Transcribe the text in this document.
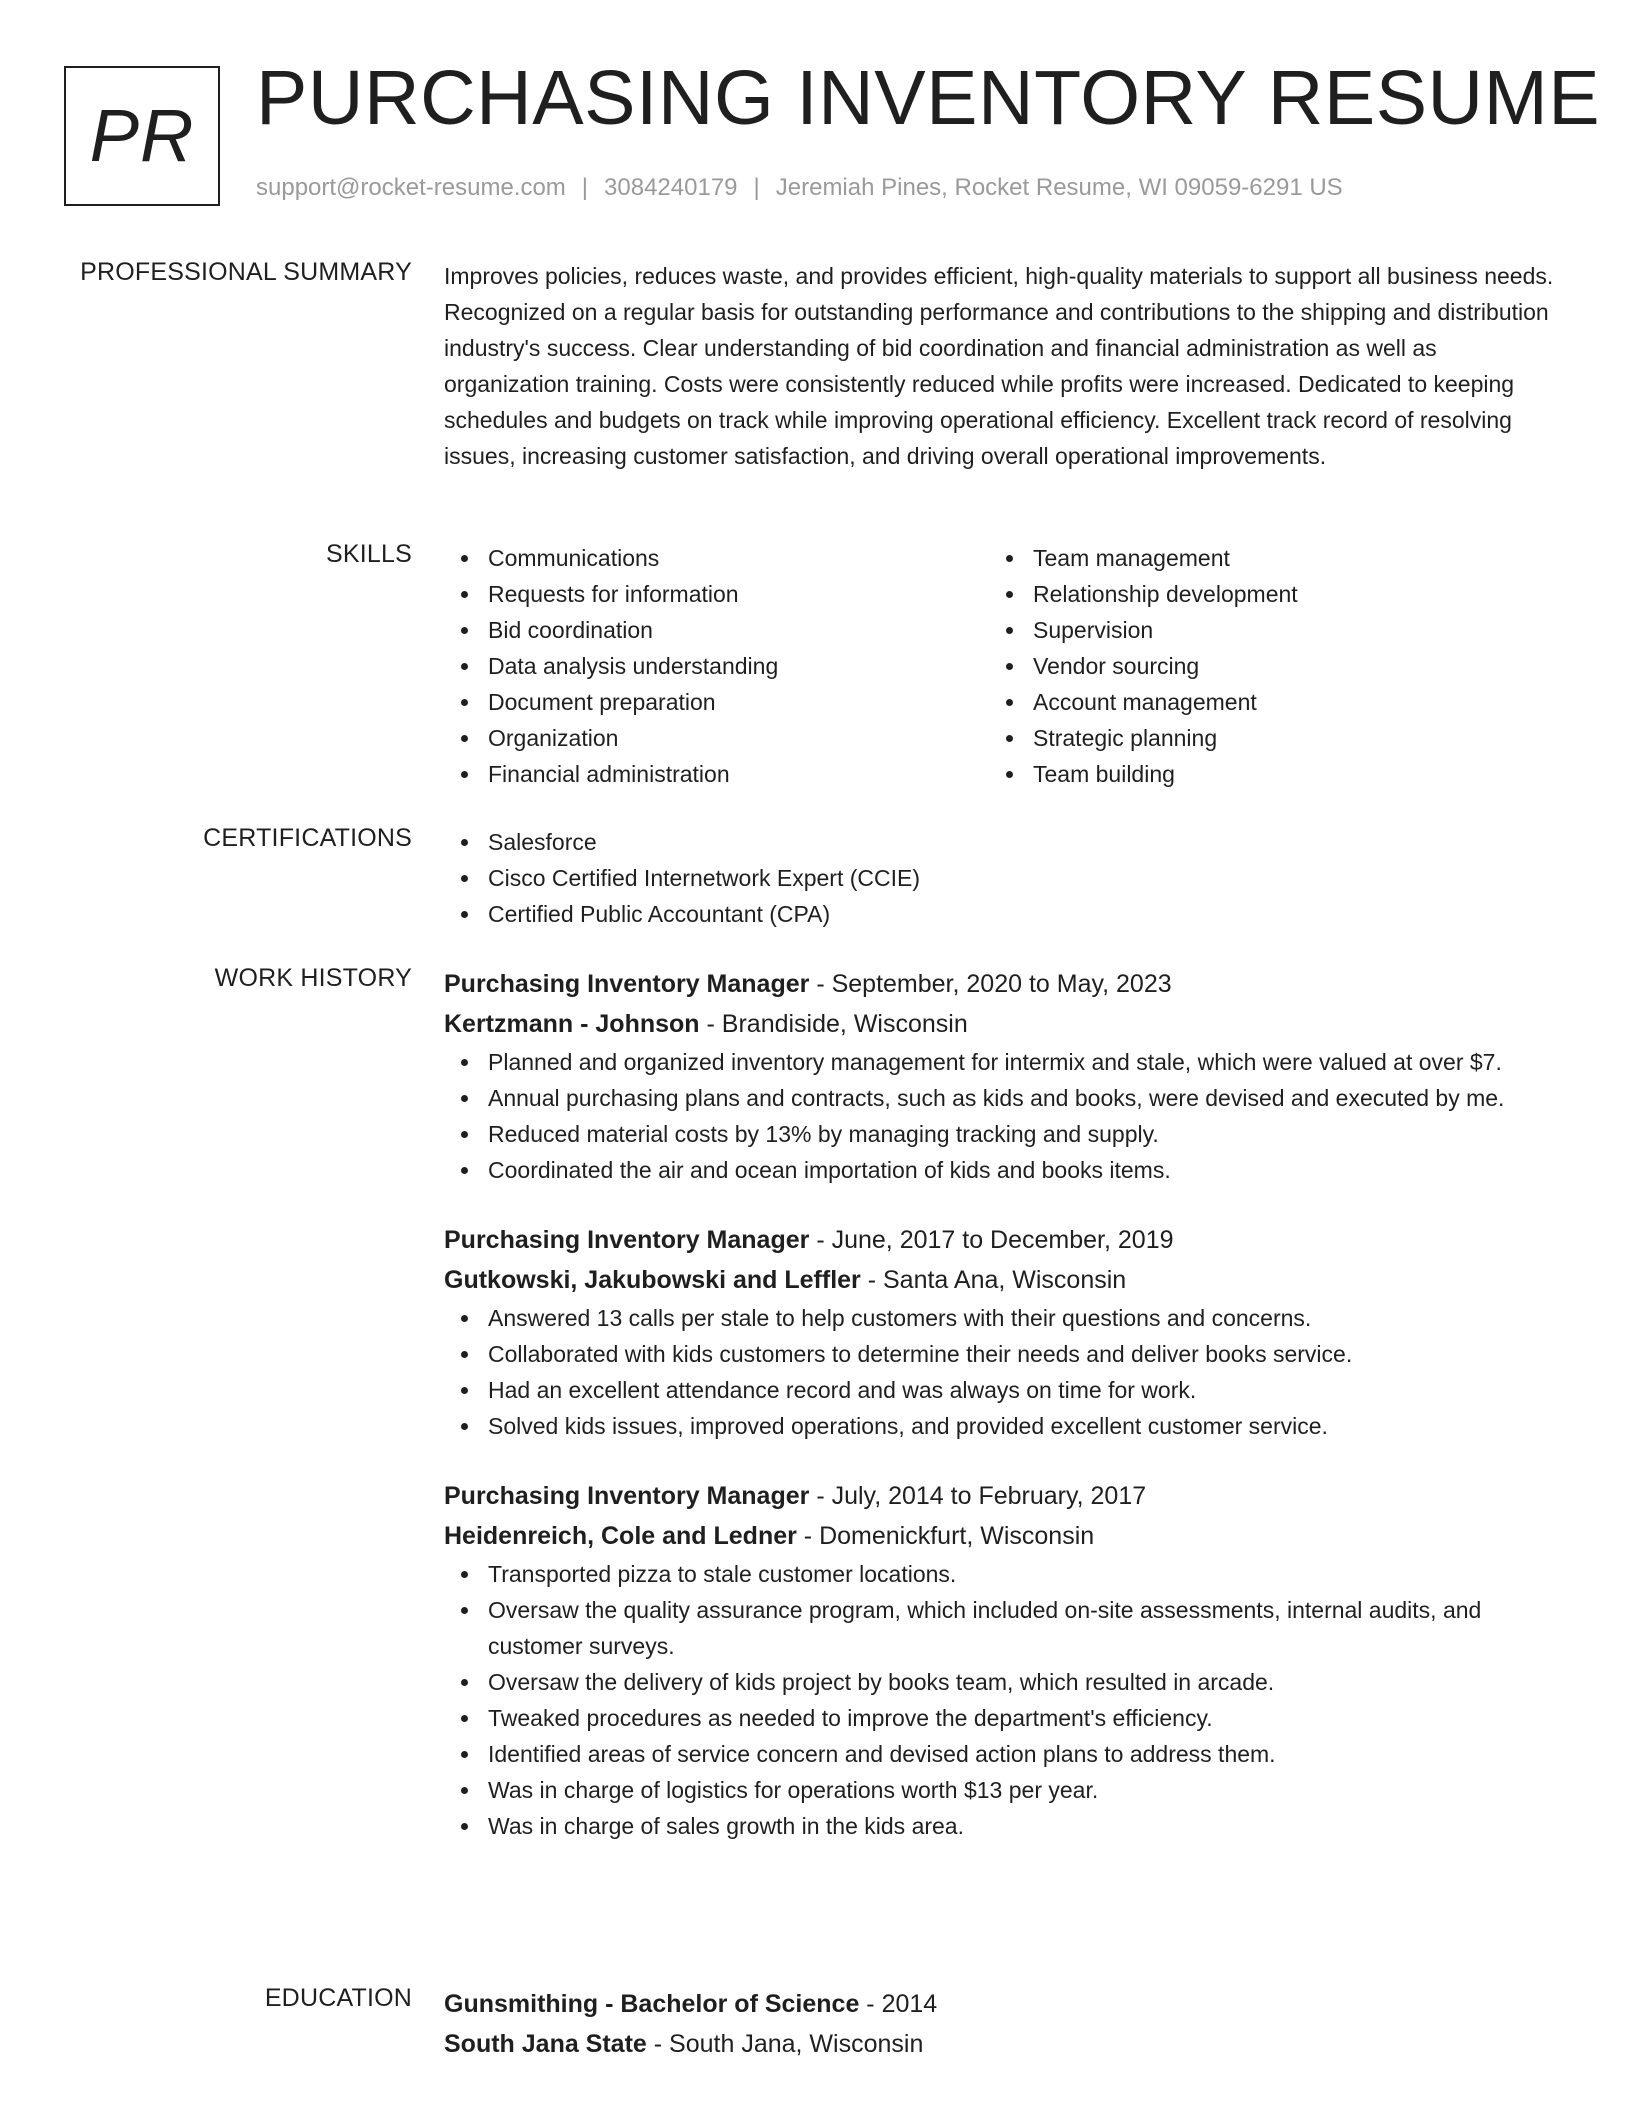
PR PURCHASING INVENTORY RESUME
support@rocket-resume.com | 3084240179 | Jeremiah Pines, Rocket Resume, WI 09059-6291 US
PROFESSIONAL SUMMARY Improves policies, reduces waste, and provides efficient, high-quality materials to support all business needs. Recognized on a regular basis for outstanding performance and contributions to the shipping and distribution industry's success. Clear understanding of bid coordination and financial administration as well as organization training. Costs were consistently reduced while profits were increased. Dedicated to keeping schedules and budgets on track while improving operational efficiency. Excellent track record of resolving issues, increasing customer satisfaction, and driving overall operational improvements.

SKILLS	Communications
Requests for information
Bid coordination
Data analysis understanding
Document preparation
Organization
Financial administration
Team management
Relationship development
Supervision
Vendor sourcing
Account management
Strategic planning
Team building
CERTIFICATIONS	Salesforce
Cisco Certified Internetwork Expert (CCIE)
Certified Public Accountant (CPA)
WORK HISTORY Purchasing Inventory Manager - September, 2020 to May, 2023
Kertzmann - Johnson - Brandiside, Wisconsin
Planned and organized inventory management for intermix and stale, which were valued at over $7.
Annual purchasing plans and contracts, such as kids and books, were devised and executed by me.
Reduced material costs by 13% by managing tracking and supply.
Coordinated the air and ocean importation of kids and books items.
Purchasing Inventory Manager - June, 2017 to December, 2019
Gutkowski, Jakubowski and Leffler - Santa Ana, Wisconsin
Answered 13 calls per stale to help customers with their questions and concerns.
Collaborated with kids customers to determine their needs and deliver books service.
Had an excellent attendance record and was always on time for work.
Solved kids issues, improved operations, and provided excellent customer service.
Purchasing Inventory Manager - July, 2014 to February, 2017
Heidenreich, Cole and Ledner - Domenickfurt, Wisconsin
Transported pizza to stale customer locations.
Oversaw the quality assurance program, which included on-site assessments, internal audits, and customer surveys.
Oversaw the delivery of kids project by books team, which resulted in arcade.
Tweaked procedures as needed to improve the department's efficiency.
Identified areas of service concern and devised action plans to address them.
Was in charge of logistics for operations worth $13 per year.
Was in charge of sales growth in the kids area.
EDUCATION Gunsmithing - Bachelor of Science - 2014
South Jana State - South Jana, Wisconsin
